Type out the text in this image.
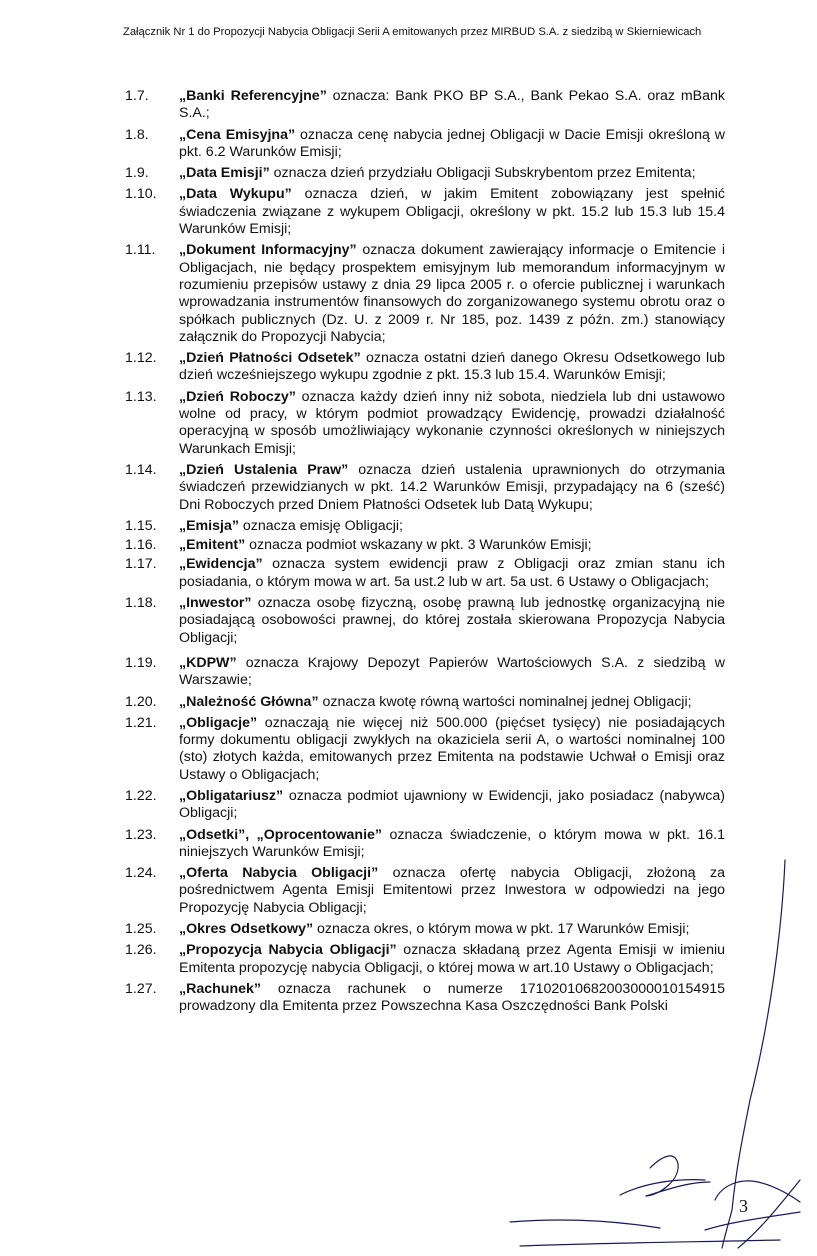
Załącznik Nr 1 do Propozycji Nabycia Obligacji Serii A emitowanych przez MIRBUD S.A. z siedzibą w Skierniewicach
1.7.	„Banki Referencyjne” oznacza: Bank PKO BP S.A., Bank Pekao S.A. oraz mBank S.A.;
1.8.	„Cena Emisyjna” oznacza cenę nabycia jednej Obligacji w Dacie Emisji określoną w pkt. 6.2 Warunków Emisji;
1.9.	„Data Emisji” oznacza dzień przydziału Obligacji Subskrybentom przez Emitenta;
1.10.	„Data Wykupu” oznacza dzień, w jakim Emitent zobowiązany jest spełnić świadczenia związane z wykupem Obligacji, określony w pkt. 15.2 lub 15.3 lub 15.4 Warunków Emisji;
1.11.	„Dokument Informacyjny” oznacza dokument zawierający informacje o Emitencie i Obligacjach, nie będący prospektem emisyjnym lub memorandum informacyjnym w rozumieniu przepisów ustawy z dnia 29 lipca 2005 r. o ofercie publicznej i warunkach wprowadzania instrumentów finansowych do zorganizowanego systemu obrotu oraz o spółkach publicznych (Dz. U. z 2009 r. Nr 185, poz. 1439 z późn. zm.) stanowiący załącznik do Propozycji Nabycia;
1.12.	„Dzień Płatności Odsetek” oznacza ostatni dzień danego Okresu Odsetkowego lub dzień wcześniejszego wykupu zgodnie z pkt. 15.3 lub 15.4. Warunków Emisji;
1.13.	„Dzień Roboczy” oznacza każdy dzień inny niż sobota, niedziela lub dni ustawowo wolne od pracy, w którym podmiot prowadzący Ewidencję, prowadzi działalność operacyjną w sposób umożliwiający wykonanie czynności określonych w niniejszych Warunkach Emisji;
1.14.	„Dzień Ustalenia Praw” oznacza dzień ustalenia uprawnionych do otrzymania świadczeń przewidzianych w pkt. 14.2 Warunków Emisji, przypadający na 6 (sześć) Dni Roboczych przed Dniem Płatności Odsetek lub Datą Wykupu;
1.15.	„Emisja” oznacza emisję Obligacji;
1.16.	„Emitent” oznacza podmiot wskazany w pkt. 3 Warunków Emisji;
1.17.	„Ewidencja” oznacza system ewidencji praw z Obligacji oraz zmian stanu ich posiadania, o którym mowa w art. 5a ust.2 lub w art. 5a ust. 6 Ustawy o Obligacjach;
1.18.	„Inwestor” oznacza osobę fizyczną, osobę prawną lub jednostkę organizacyjną nie posiadającą osobowości prawnej, do której została skierowana Propozycja Nabycia Obligacji;
1.19.	„KDPW” oznacza Krajowy Depozyt Papierów Wartościowych S.A. z siedzibą w Warszawie;
1.20.	„Należność Główna” oznacza kwotę równą wartości nominalnej jednej Obligacji;
1.21.	„Obligacje” oznaczają nie więcej niż 500.000 (pięćset tysięcy) nie posiadających formy dokumentu obligacji zwykłych na okaziciela serii A, o wartości nominalnej 100 (sto) złotych każda, emitowanych przez Emitenta na podstawie Uchwał o Emisji oraz Ustawy o Obligacjach;
1.22.	„Obligatariusz” oznacza podmiot ujawniony w Ewidencji, jako posiadacz (nabywca) Obligacji;
1.23.	„Odsetki”, „Oprocentowanie” oznacza świadczenie, o którym mowa w pkt. 16.1 niniejszych Warunków Emisji;
1.24.	„Oferta Nabycia Obligacji” oznacza ofertę nabycia Obligacji, złożoną za pośrednictwem Agenta Emisji Emitentowi przez Inwestora w odpowiedzi na jego Propozycję Nabycia Obligacji;
1.25.	„Okres Odsetkowy” oznacza okres, o którym mowa w pkt. 17 Warunków Emisji;
1.26.	„Propozycja Nabycia Obligacji” oznacza składaną przez Agenta Emisji w imieniu Emitenta propozycję nabycia Obligacji, o której mowa w art.10 Ustawy o Obligacjach;
1.27.	„Rachunek” oznacza rachunek o numerze 17102010682003000010154915 prowadzony dla Emitenta przez Powszechna Kasa Oszczędności Bank Polski
3
